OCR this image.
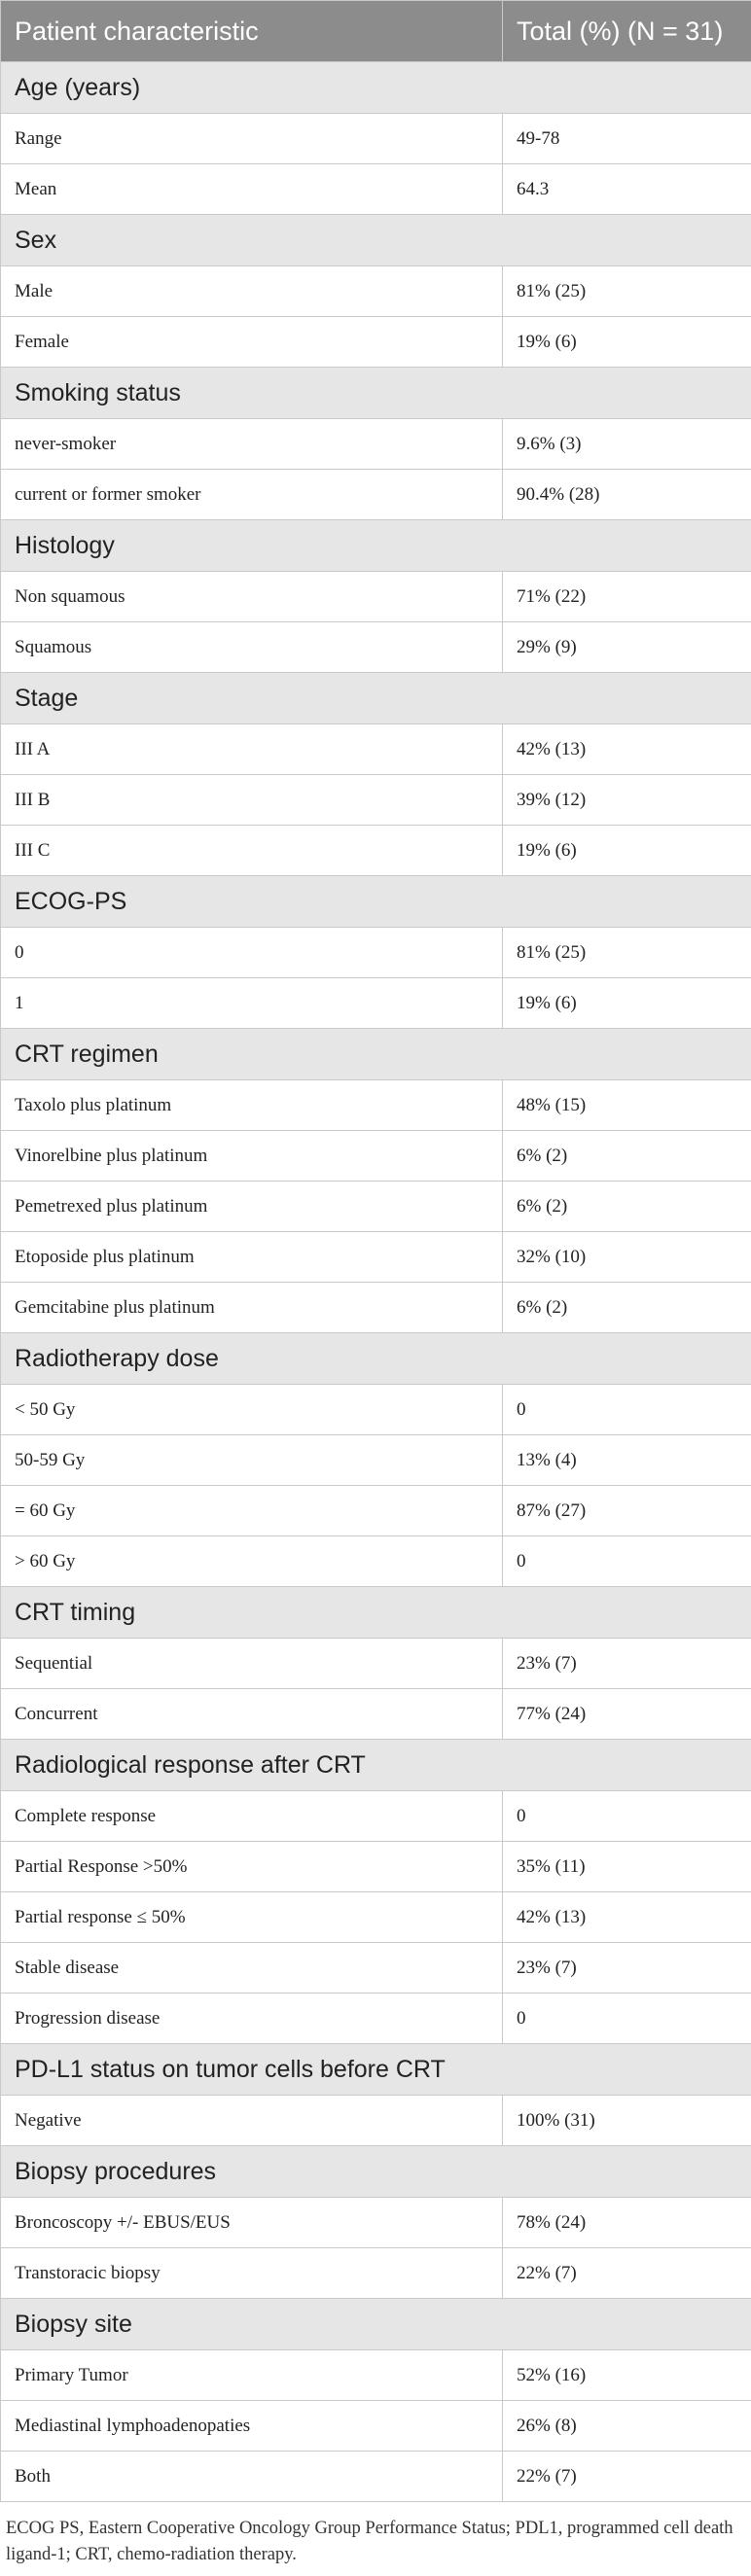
Patient characteristic	Total (%) (N = 31)
Age (years)	
Range	49-78
Mean	64.3
Sex	
Male	81% (25)
Female	19% (6)
Smoking status	
never-smoker	9.6% (3)
current or former smoker	90.4% (28)
Histology	
Non squamous	71% (22)
Squamous	29% (9)
Stage	
III A	42% (13)
III B	39% (12)
III C	19% (6)
ECOG-PS	
0	81% (25)
1	19% (6)
CRT regimen	
Taxolo plus platinum	48% (15)
Vinorelbine plus platinum	6% (2)
Pemetrexed plus platinum	6% (2)
Etoposide plus platinum	32% (10)
Gemcitabine plus platinum	6% (2)
Radiotherapy dose	
< 50 Gy	0
50-59 Gy	13% (4)
= 60 Gy	87% (27)
> 60 Gy	0
CRT timing	
Sequential	23% (7)
Concurrent	77% (24)
Radiological response after CRT	
Complete response	0
Partial Response >50%	35% (11)
Partial response ≤ 50%	42% (13)
Stable disease	23% (7)
Progression disease	0
PD-L1 status on tumor cells before CRT	
Negative	100% (31)
Biopsy procedures	
Broncoscopy +/- EBUS/EUS	78% (24)
Transtoracic biopsy	22% (7)
Biopsy site	
Primary Tumor	52% (16)
Mediastinal lymphoadenopaties	26% (8)
Both	22% (7)
ECOG PS, Eastern Cooperative Oncology Group Performance Status; PDL1, programmed cell death ligand-1; CRT, chemo-radiation therapy.
